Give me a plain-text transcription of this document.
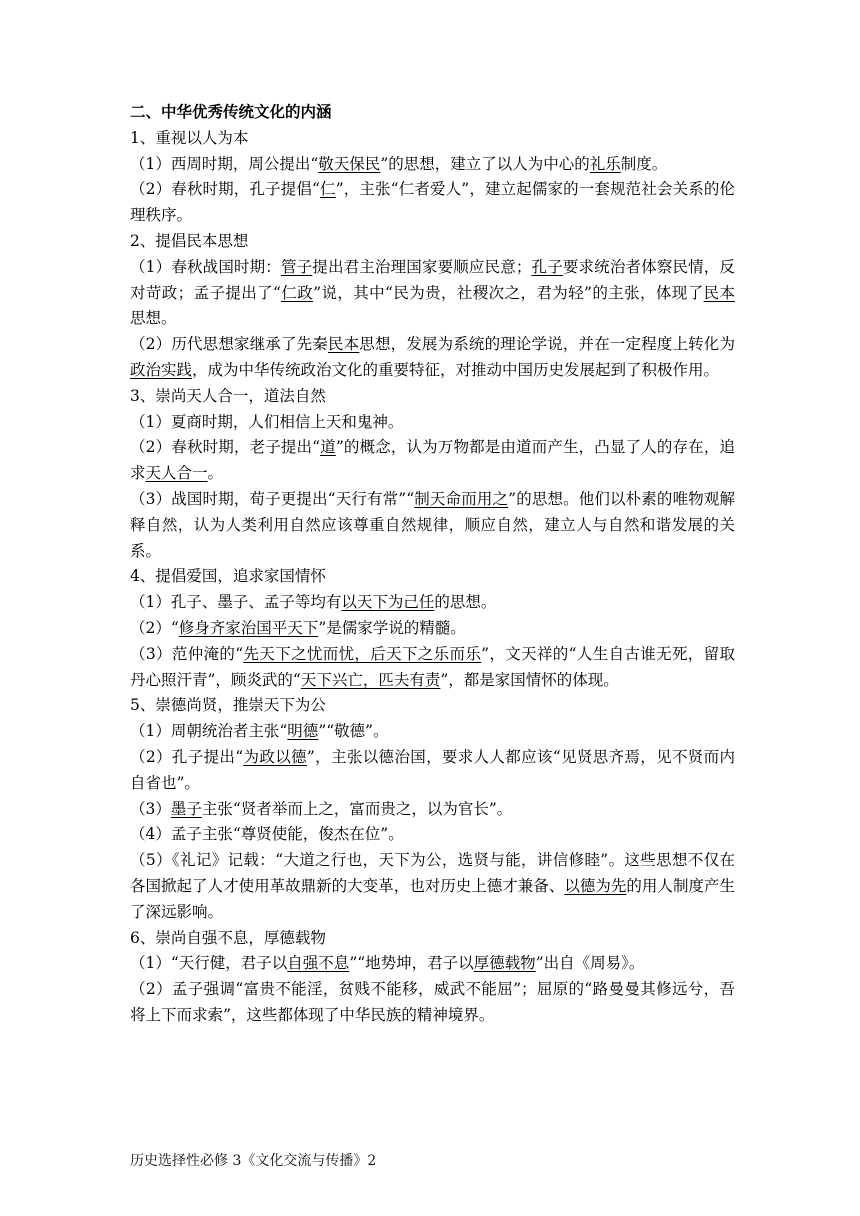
二、中华优秀传统文化的内涵

1、重视以人为本

（1）西周时期，周公提出“敬天保民”的思想，建立了以人为中心的礼乐制度。

（2）春秋时期，孔子提倡“仁”，主张“仁者爱人”，建立起儒家的一套规范社会关系的伦理秩序。

2、提倡民本思想

（1）春秋战国时期：管子提出君主治理国家要顺应民意；孔子要求统治者体察民情，反对苛政；孟子提出了“仁政”说，其中“民为贵，社稷次之，君为轻”的主张，体现了民本思想。

（2）历代思想家继承了先秦民本思想，发展为系统的理论学说，并在一定程度上转化为政治实践，成为中华传统政治文化的重要特征，对推动中国历史发展起到了积极作用。

3、崇尚天人合一，道法自然

（1）夏商时期，人们相信上天和鬼神。

（2）春秋时期，老子提出“道”的概念，认为万物都是由道而产生，凸显了人的存在，追求天人合一。

（3）战国时期，荀子更提出“天行有常”“制天命而用之”的思想。他们以朴素的唯物观解释自然，认为人类利用自然应该尊重自然规律，顺应自然，建立人与自然和谐发展的关系。

4、提倡爱国，追求家国情怀

（1）孔子、墨子、孟子等均有以天下为己任的思想。

（2）“修身齐家治国平天下”是儒家学说的精髓。

（3）范仲淹的“先天下之忧而忧，后天下之乐而乐”，文天祥的“人生自古谁无死，留取丹心照汗青”，顾炎武的“天下兴亡，匹夫有责”，都是家国情怀的体现。

5、崇德尚贤，推崇天下为公

（1）周朝统治者主张“明德”“敬德”。

（2）孔子提出“为政以德”，主张以德治国，要求人人都应该“见贤思齐焉，见不贤而内自省也”。

（3）墨子主张“贤者举而上之，富而贵之，以为官长”。

（4）孟子主张“尊贤使能，俊杰在位”。

（5）《礼记》记载：“大道之行也，天下为公，选贤与能，讲信修睦”。这些思想不仅在各国掀起了人才使用革故鼎新的大变革，也对历史上德才兼备、以德为先的用人制度产生了深远影响。

6、崇尚自强不息，厚德载物

（1）“天行健，君子以自强不息”“地势坤，君子以厚德载物”出自《周易》。

（2）孟子强调“富贵不能淫，贫贱不能移，威武不能屈”；屈原的“路曼曼其修远兮，吾将上下而求索”，这些都体现了中华民族的精神境界。

历史选择性必修 3《文化交流与传播》2
